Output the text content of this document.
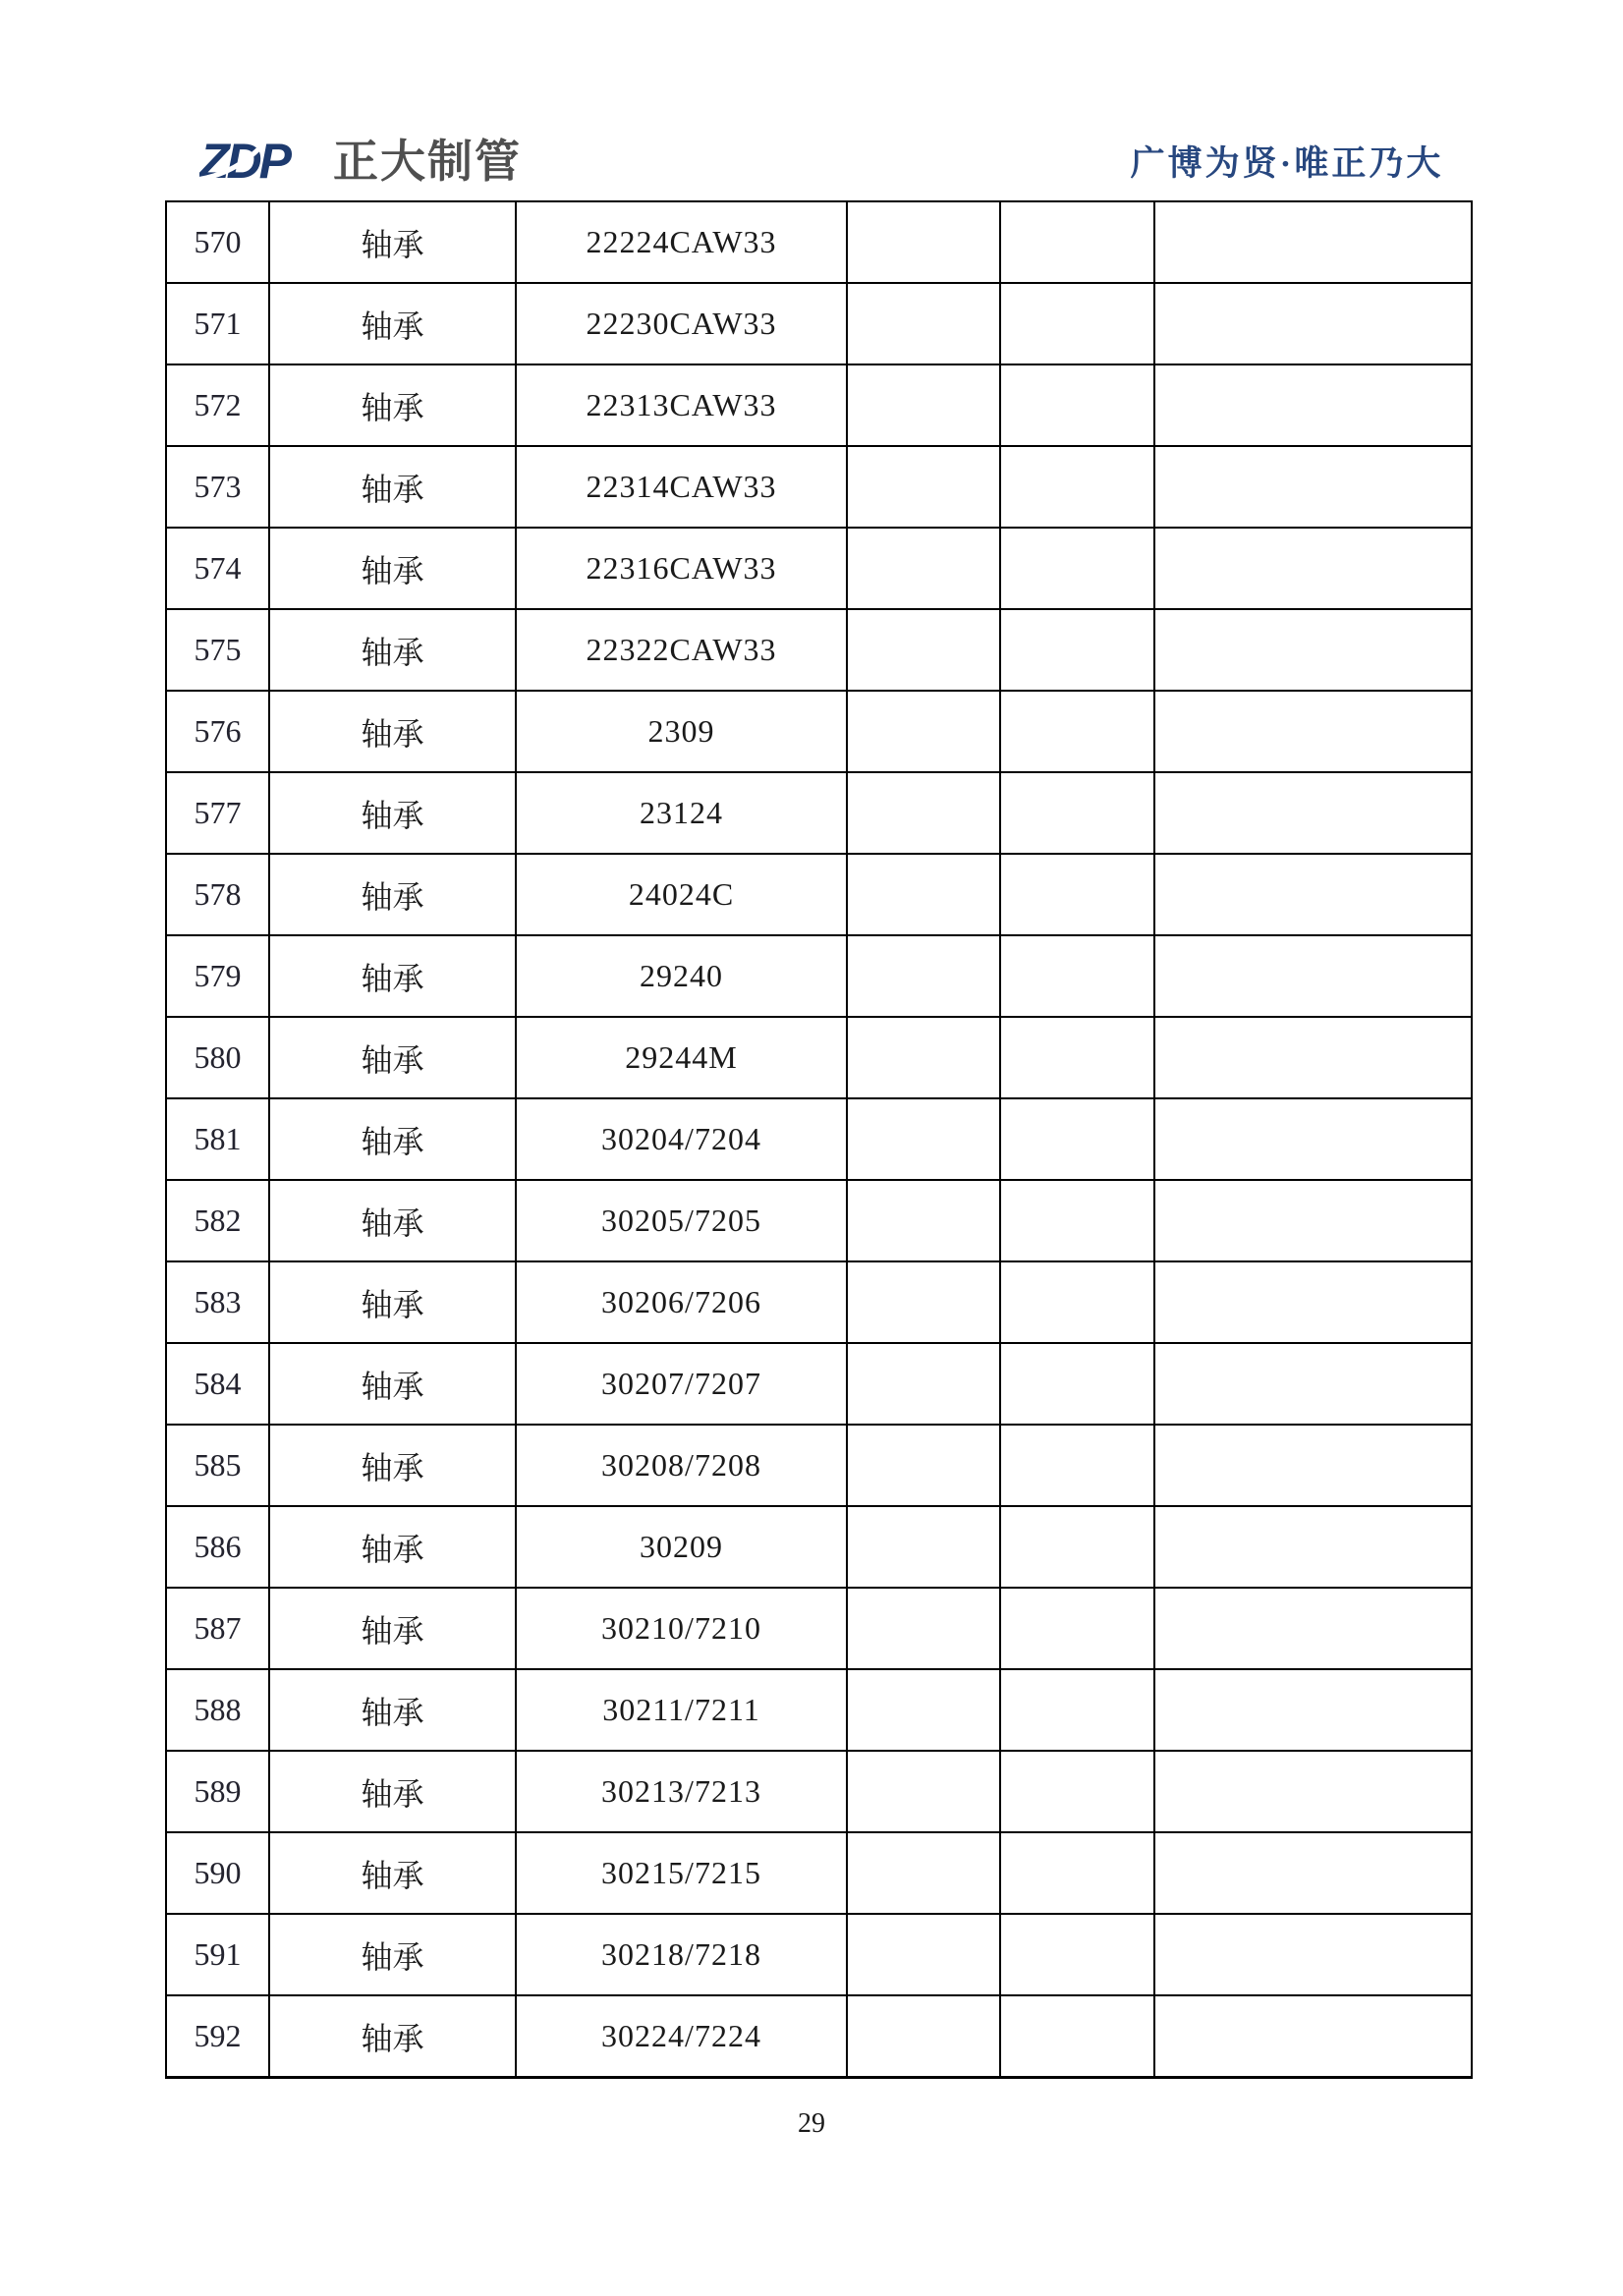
ZDP 正大制管	广博为贤·唯正乃大
570	轴承	22224CAW33			
571	轴承	22230CAW33			
572	轴承	22313CAW33			
573	轴承	22314CAW33			
574	轴承	22316CAW33			
575	轴承	22322CAW33			
576	轴承	2309			
577	轴承	23124			
578	轴承	24024C			
579	轴承	29240			
580	轴承	29244M			
581	轴承	30204/7204			
582	轴承	30205/7205			
583	轴承	30206/7206			
584	轴承	30207/7207			
585	轴承	30208/7208			
586	轴承	30209			
587	轴承	30210/7210			
588	轴承	30211/7211			
589	轴承	30213/7213			
590	轴承	30215/7215			
591	轴承	30218/7218			
592	轴承	30224/7224			
29
